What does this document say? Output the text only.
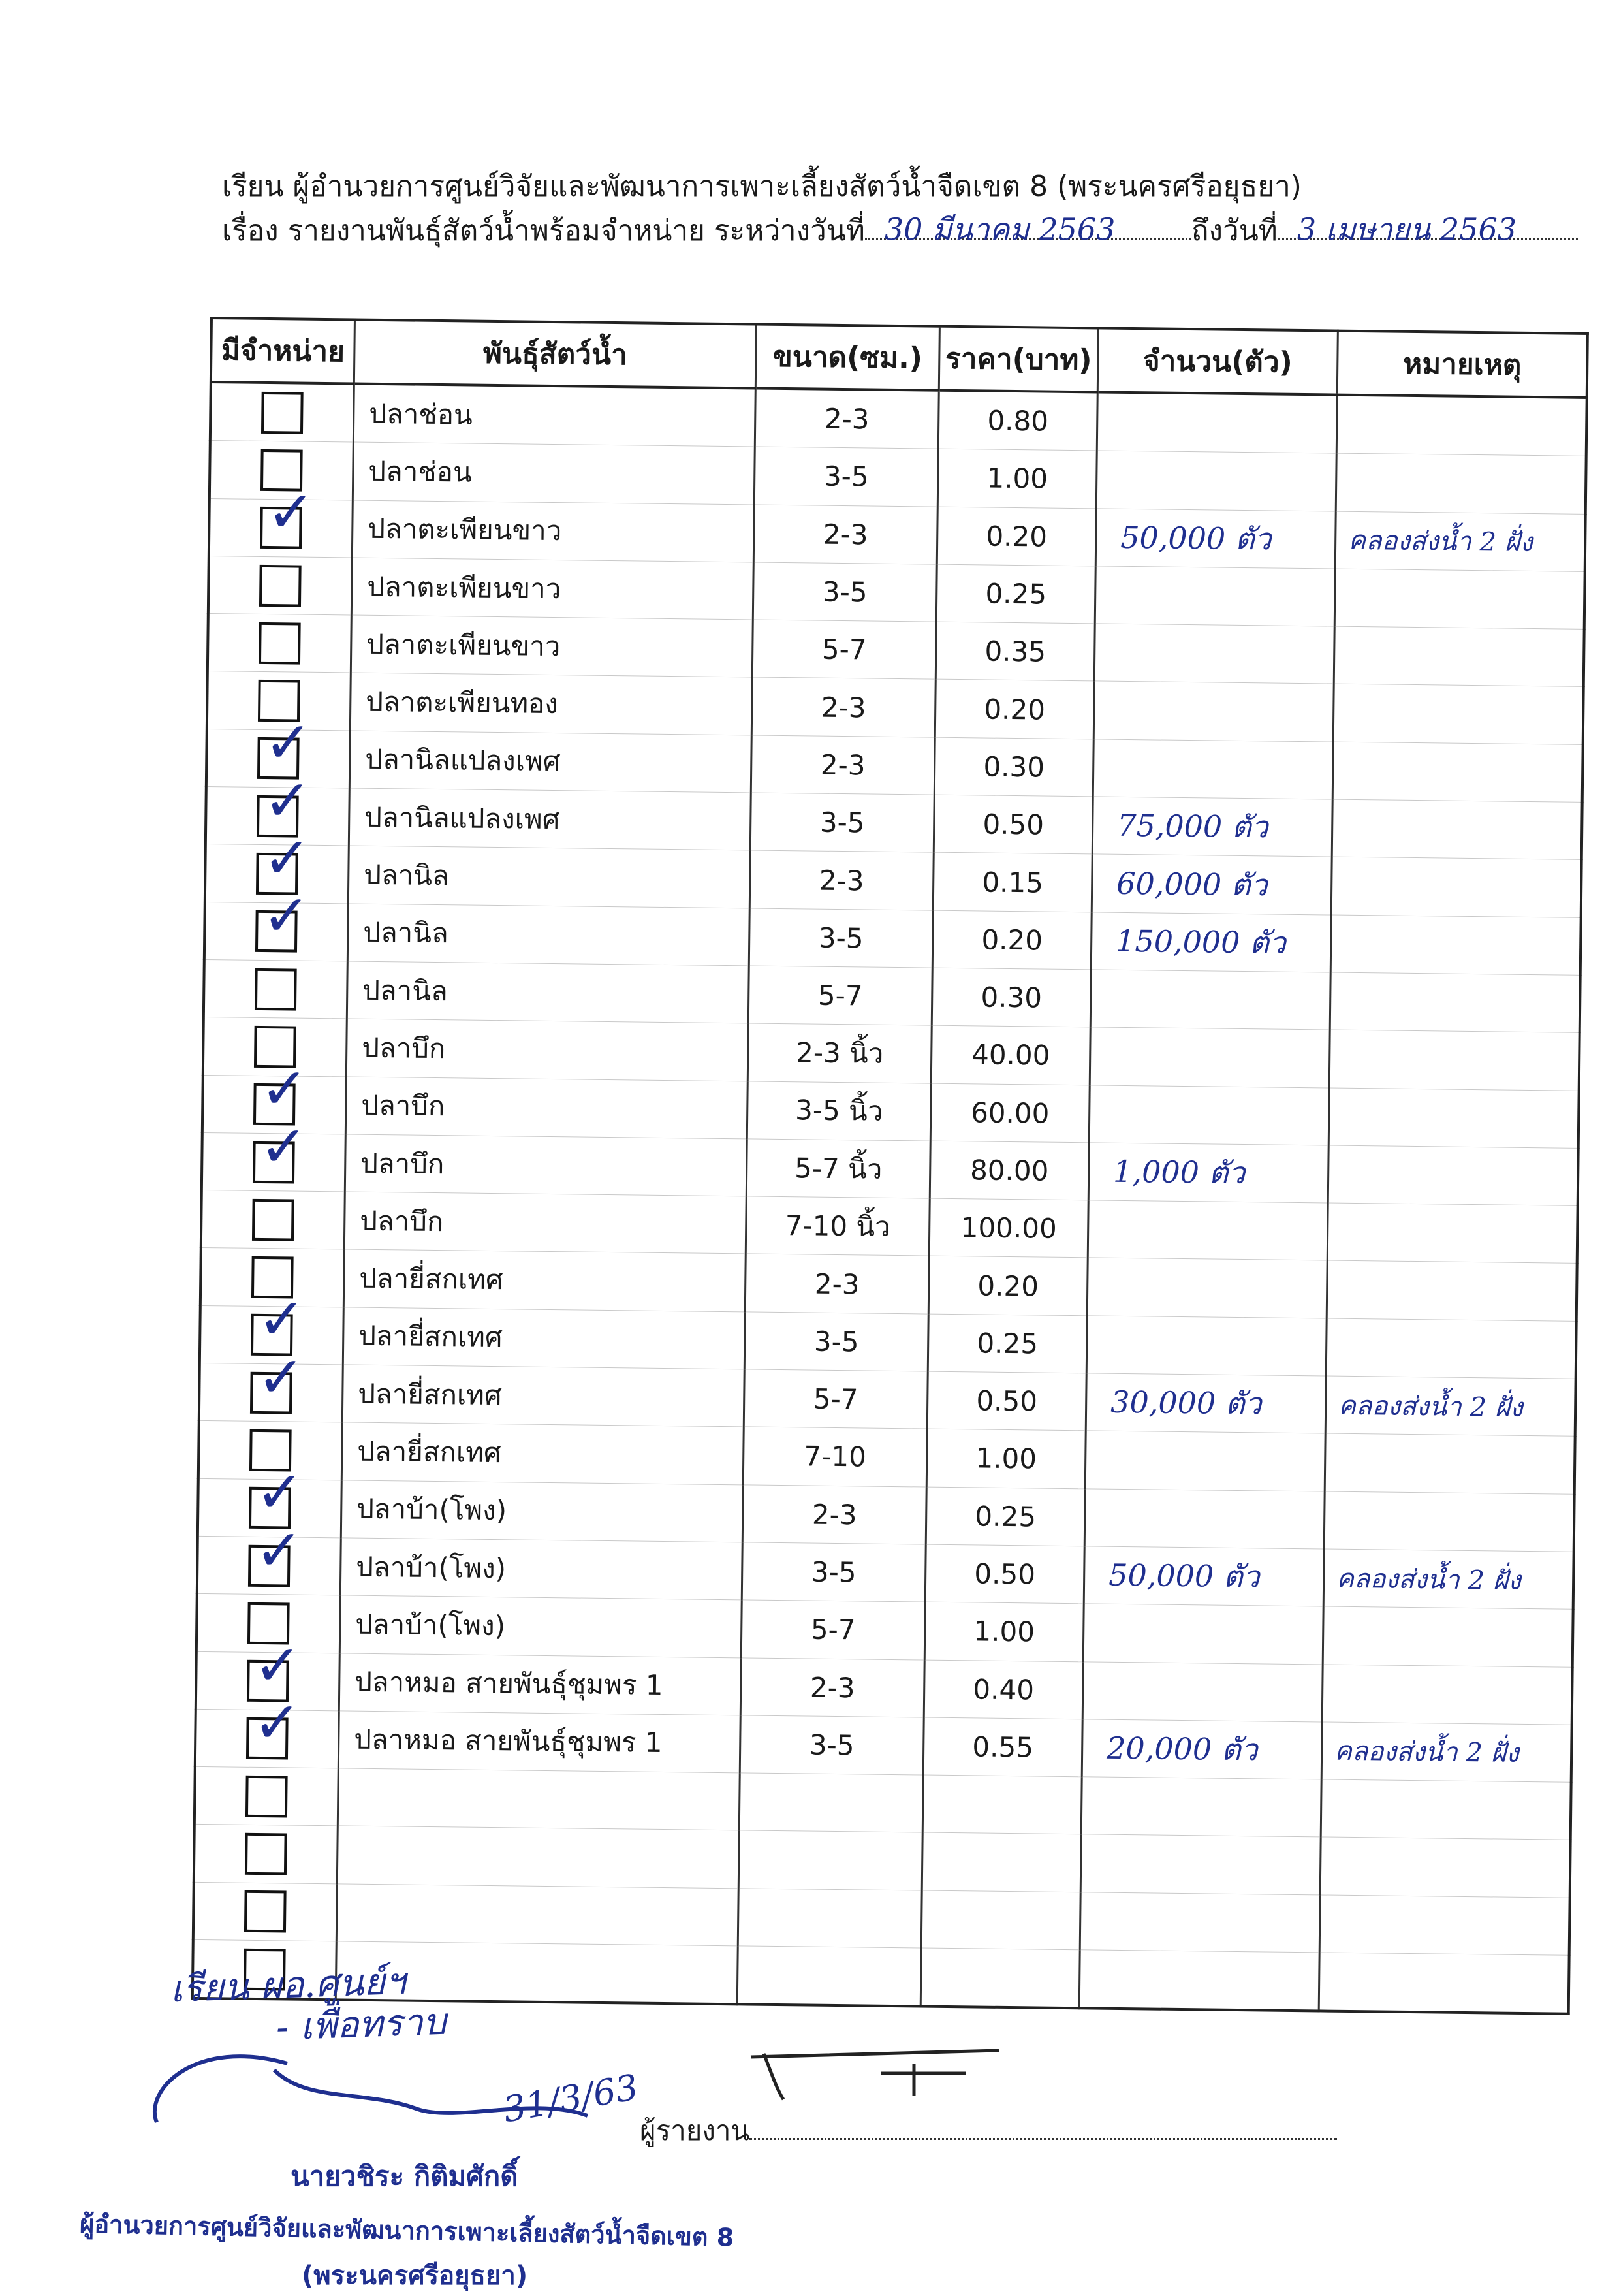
เรียน ผู้อำนวยการศูนย์วิจัยและพัฒนาการเพาะเลี้ยงสัตว์น้ำจืดเขต 8 (พระนครศรีอยุธยา)
เรื่อง รายงานพันธุ์สัตว์น้ำพร้อมจำหน่าย ระหว่างวันที่ 30 มีนาคม 2563	ถึงวันที่ 3 เมษายน 2563
มีจำหน่าย	พันธุ์สัตว์น้ำ	ขนาด(ซม.)	ราคา(บาท)	จำนวน(ตัว)	หมายเหตุ
	ปลาช่อน	2-3	0.80		
	ปลาช่อน	3-5	1.00		

✓	ปลาตะเพียนขาว	2-3	0.20	50,000 ตัว	คลองส่งน้ำ 2 ฝั่ง
	ปลาตะเพียนขาว	3-5	0.25		
	ปลาตะเพียนขาว	5-7	0.35		
	ปลาตะเพียนทอง	2-3	0.20		

✓	ปลานิลแปลงเพศ	2-3	0.30		

✓	ปลานิลแปลงเพศ	3-5	0.50	75,000 ตัว	

✓	ปลานิล	2-3	0.15	60,000 ตัว	

✓	ปลานิล	3-5	0.20	150,000 ตัว	
	ปลานิล	5-7	0.30		
	ปลาบึก	2-3 นิ้ว	40.00		

✓	ปลาบึก	3-5 นิ้ว	60.00		

✓	ปลาบึก	5-7 นิ้ว	80.00	1,000 ตัว	
	ปลาบึก	7-10 นิ้ว	100.00		
	ปลายี่สกเทศ	2-3	0.20		

✓	ปลายี่สกเทศ	3-5	0.25		

✓	ปลายี่สกเทศ	5-7	0.50	30,000 ตัว	คลองส่งน้ำ 2 ฝั่ง
	ปลายี่สกเทศ	7-10	1.00		

✓	ปลาบ้า(โพง)	2-3	0.25		

✓	ปลาบ้า(โพง)	3-5	0.50	50,000 ตัว	คลองส่งน้ำ 2 ฝั่ง
	ปลาบ้า(โพง)	5-7	1.00		

✓	ปลาหมอ สายพันธุ์ชุมพร 1	2-3	0.40		

✓	ปลาหมอ สายพันธุ์ชุมพร 1	3-5	0.55	20,000 ตัว	คลองส่งน้ำ 2 ฝั่ง

เรียน ผอ.ศูนย์ฯ
- เพื่อทราบ
31/3/63
ผู้รายงาน
นายวชิระ กิติมศักดิ์
ผู้อำนวยการศูนย์วิจัยและพัฒนาการเพาะเลี้ยงสัตว์น้ำจืดเขต 8
(พระนครศรีอยุธยา)
